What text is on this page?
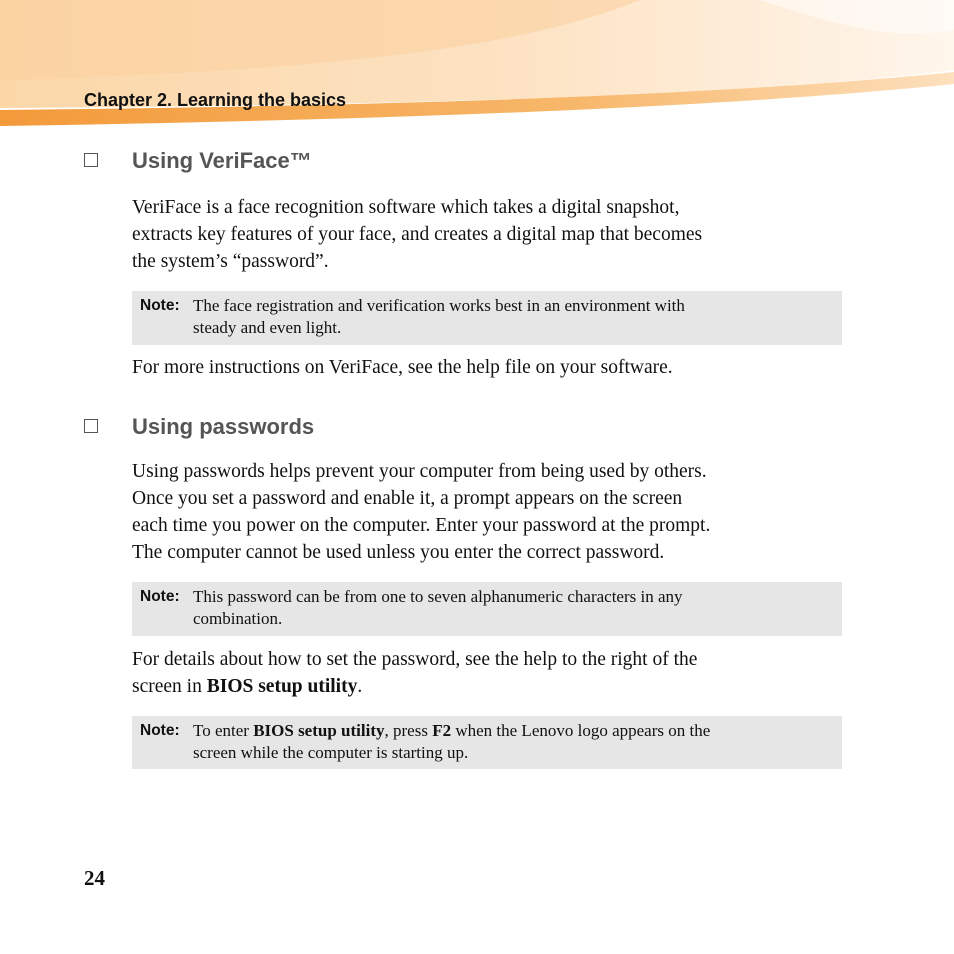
Chapter 2. Learning the basics
Using VeriFace™
VeriFace is a face recognition software which takes a digital snapshot,
extracts key features of your face, and creates a digital map that becomes
the system’s “password”.
Note: The face registration and verification works best in an environment with
steady and even light.
For more instructions on VeriFace, see the help file on your software.
Using passwords
Using passwords helps prevent your computer from being used by others.
Once you set a password and enable it, a prompt appears on the screen
each time you power on the computer. Enter your password at the prompt.
The computer cannot be used unless you enter the correct password.
Note: This password can be from one to seven alphanumeric characters in any
combination.
For details about how to set the password, see the help to the right of the
screen in BIOS setup utility.
Note: To enter BIOS setup utility, press F2 when the Lenovo logo appears on the
screen while the computer is starting up.
24
